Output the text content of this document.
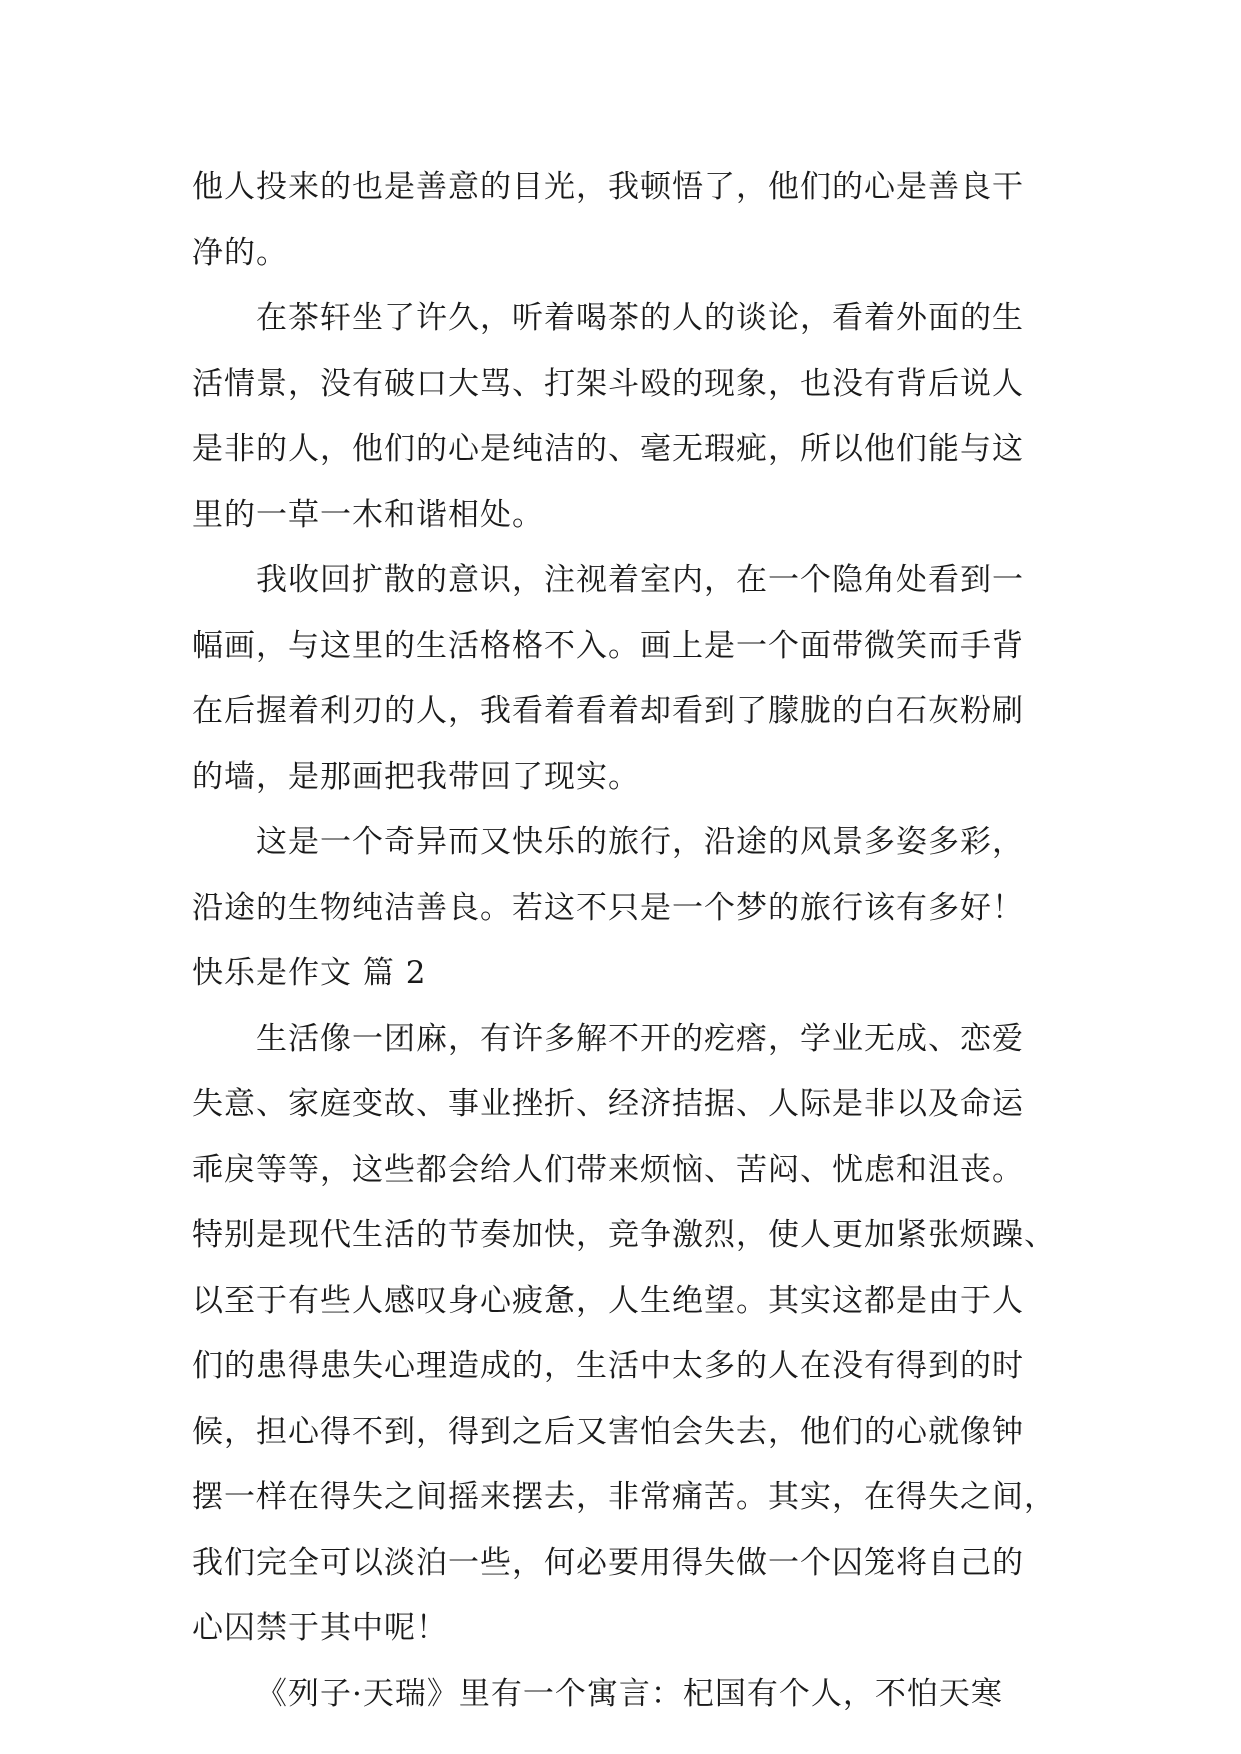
他人投来的也是善意的目光，我顿悟了，他们的心是善良干
净的。
在茶轩坐了许久，听着喝茶的人的谈论，看着外面的生
活情景，没有破口大骂、打架斗殴的现象，也没有背后说人
是非的人，他们的心是纯洁的、毫无瑕疵，所以他们能与这
里的一草一木和谐相处。
我收回扩散的意识，注视着室内，在一个隐角处看到一
幅画，与这里的生活格格不入。画上是一个面带微笑而手背
在后握着利刃的人，我看着看着却看到了朦胧的白石灰粉刷
的墙，是那画把我带回了现实。
这是一个奇异而又快乐的旅行，沿途的风景多姿多彩，
沿途的生物纯洁善良。若这不只是一个梦的旅行该有多好！
快乐是作文 篇 2
生活像一团麻，有许多解不开的疙瘩，学业无成、恋爱
失意、家庭变故、事业挫折、经济拮据、人际是非以及命运
乖戾等等，这些都会给人们带来烦恼、苦闷、忧虑和沮丧。
特别是现代生活的节奏加快，竞争激烈，使人更加紧张烦躁、
以至于有些人感叹身心疲惫，人生绝望。其实这都是由于人
们的患得患失心理造成的，生活中太多的人在没有得到的时
候，担心得不到，得到之后又害怕会失去，他们的心就像钟
摆一样在得失之间摇来摆去，非常痛苦。其实，在得失之间，
我们完全可以淡泊一些，何必要用得失做一个囚笼将自己的
心囚禁于其中呢！
《列子·天瑞》里有一个寓言：杞国有个人，不怕天寒
